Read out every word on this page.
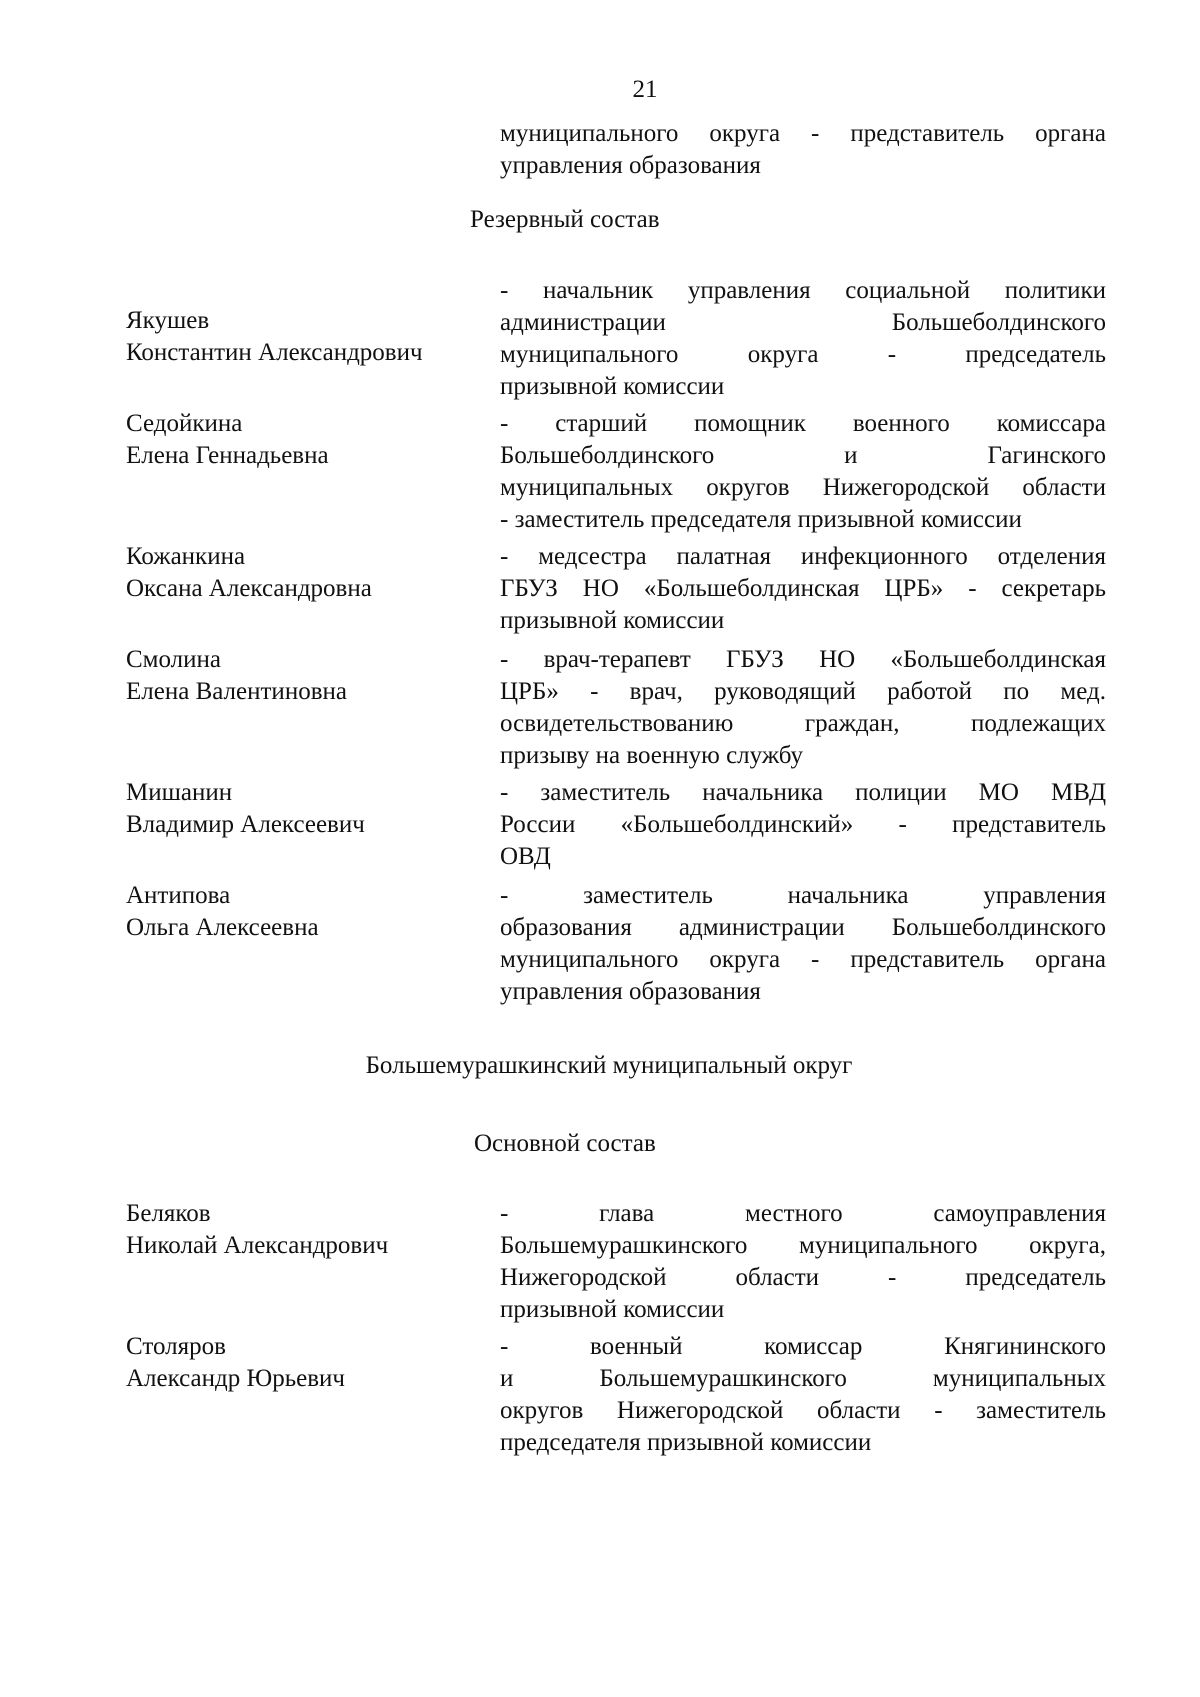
21
муниципального округа - представитель органа
управления образования
Резервный состав
Якушев
Константин Александрович
- начальник управления социальной политики
администрации Большеболдинского
муниципального округа - председатель
призывной комиссии
Седойкина
Елена Геннадьевна
- старший помощник военного комиссара
Большеболдинского и Гагинского
муниципальных округов Нижегородской области
- заместитель председателя призывной комиссии
Кожанкина
Оксана Александровна
- медсестра палатная инфекционного отделения
ГБУЗ НО «Большеболдинская ЦРБ» - секретарь
призывной комиссии
Смолина
Елена Валентиновна
- врач-терапевт ГБУЗ НО «Большеболдинская
ЦРБ» - врач, руководящий работой по мед.
освидетельствованию граждан, подлежащих
призыву на военную службу
Мишанин
Владимир Алексеевич
- заместитель начальника полиции МО МВД
России «Большеболдинский» - представитель
ОВД
Антипова
Ольга Алексеевна
- заместитель начальника управления
образования администрации Большеболдинского
муниципального округа - представитель органа
управления образования
Большемурашкинский муниципальный округ
Основной состав
Беляков
Николай Александрович
- глава местного самоуправления
Большемурашкинского муниципального округа,
Нижегородской области - председатель
призывной комиссии
Столяров
Александр Юрьевич
- военный комиссар Княгининского
и Большемурашкинского муниципальных
округов Нижегородской области - заместитель
председателя призывной комиссии
